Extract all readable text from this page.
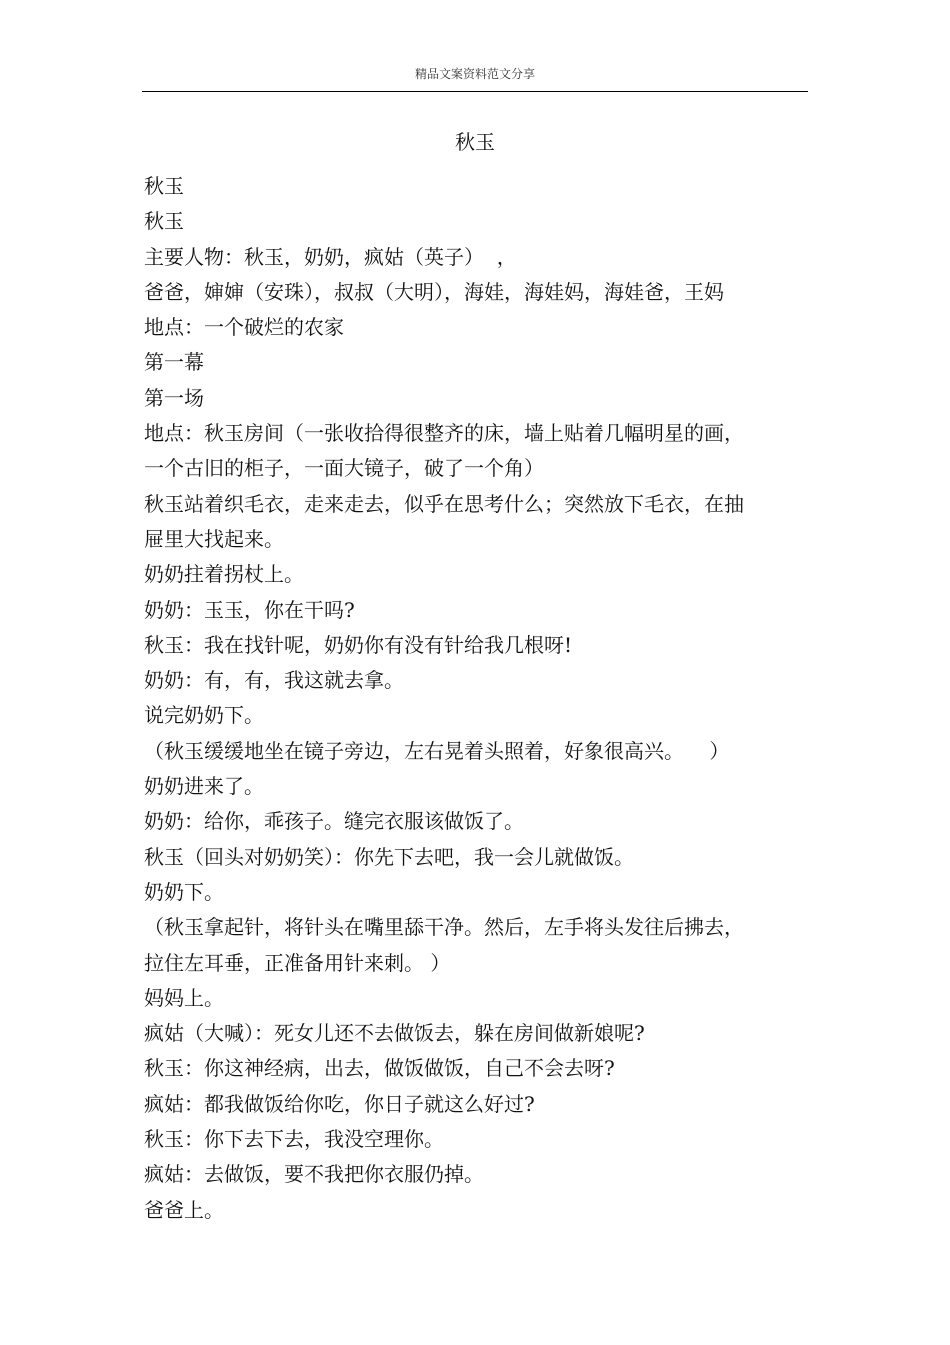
精品文案资料范文分享
秋玉
秋玉
秋玉
主要人物：秋玉，奶奶，疯姑（英子）  ，
爸爸，婶婶（安珠），叔叔（大明），海娃，海娃妈，海娃爸，王妈
地点：一个破烂的农家
第一幕
第一场
地点：秋玉房间（一张收拾得很整齐的床，墙上贴着几幅明星的画，
一个古旧的柜子，一面大镜子，破了一个角）
秋玉站着织毛衣，走来走去，似乎在思考什么；突然放下毛衣，在抽
屉里大找起来。
奶奶拄着拐杖上。
奶奶：玉玉，你在干吗?
秋玉：我在找针呢，奶奶你有没有针给我几根呀!
奶奶：有，有，我这就去拿。
说完奶奶下。
（秋玉缓缓地坐在镜子旁边，左右晃着头照着，好象很高兴。    ）
奶奶进来了。
奶奶：给你，乖孩子。缝完衣服该做饭了。
秋玉（回头对奶奶笑）：你先下去吧，我一会儿就做饭。
奶奶下。
（秋玉拿起针，将针头在嘴里舔干净。然后，左手将头发往后拂去，
拉住左耳垂，正准备用针来刺。 ）
妈妈上。
疯姑（大喊）：死女儿还不去做饭去，躲在房间做新娘呢?
秋玉：你这神经病，出去，做饭做饭，自己不会去呀?
疯姑：都我做饭给你吃，你日子就这么好过?
秋玉：你下去下去，我没空理你。
疯姑：去做饭，要不我把你衣服仍掉。
爸爸上。
